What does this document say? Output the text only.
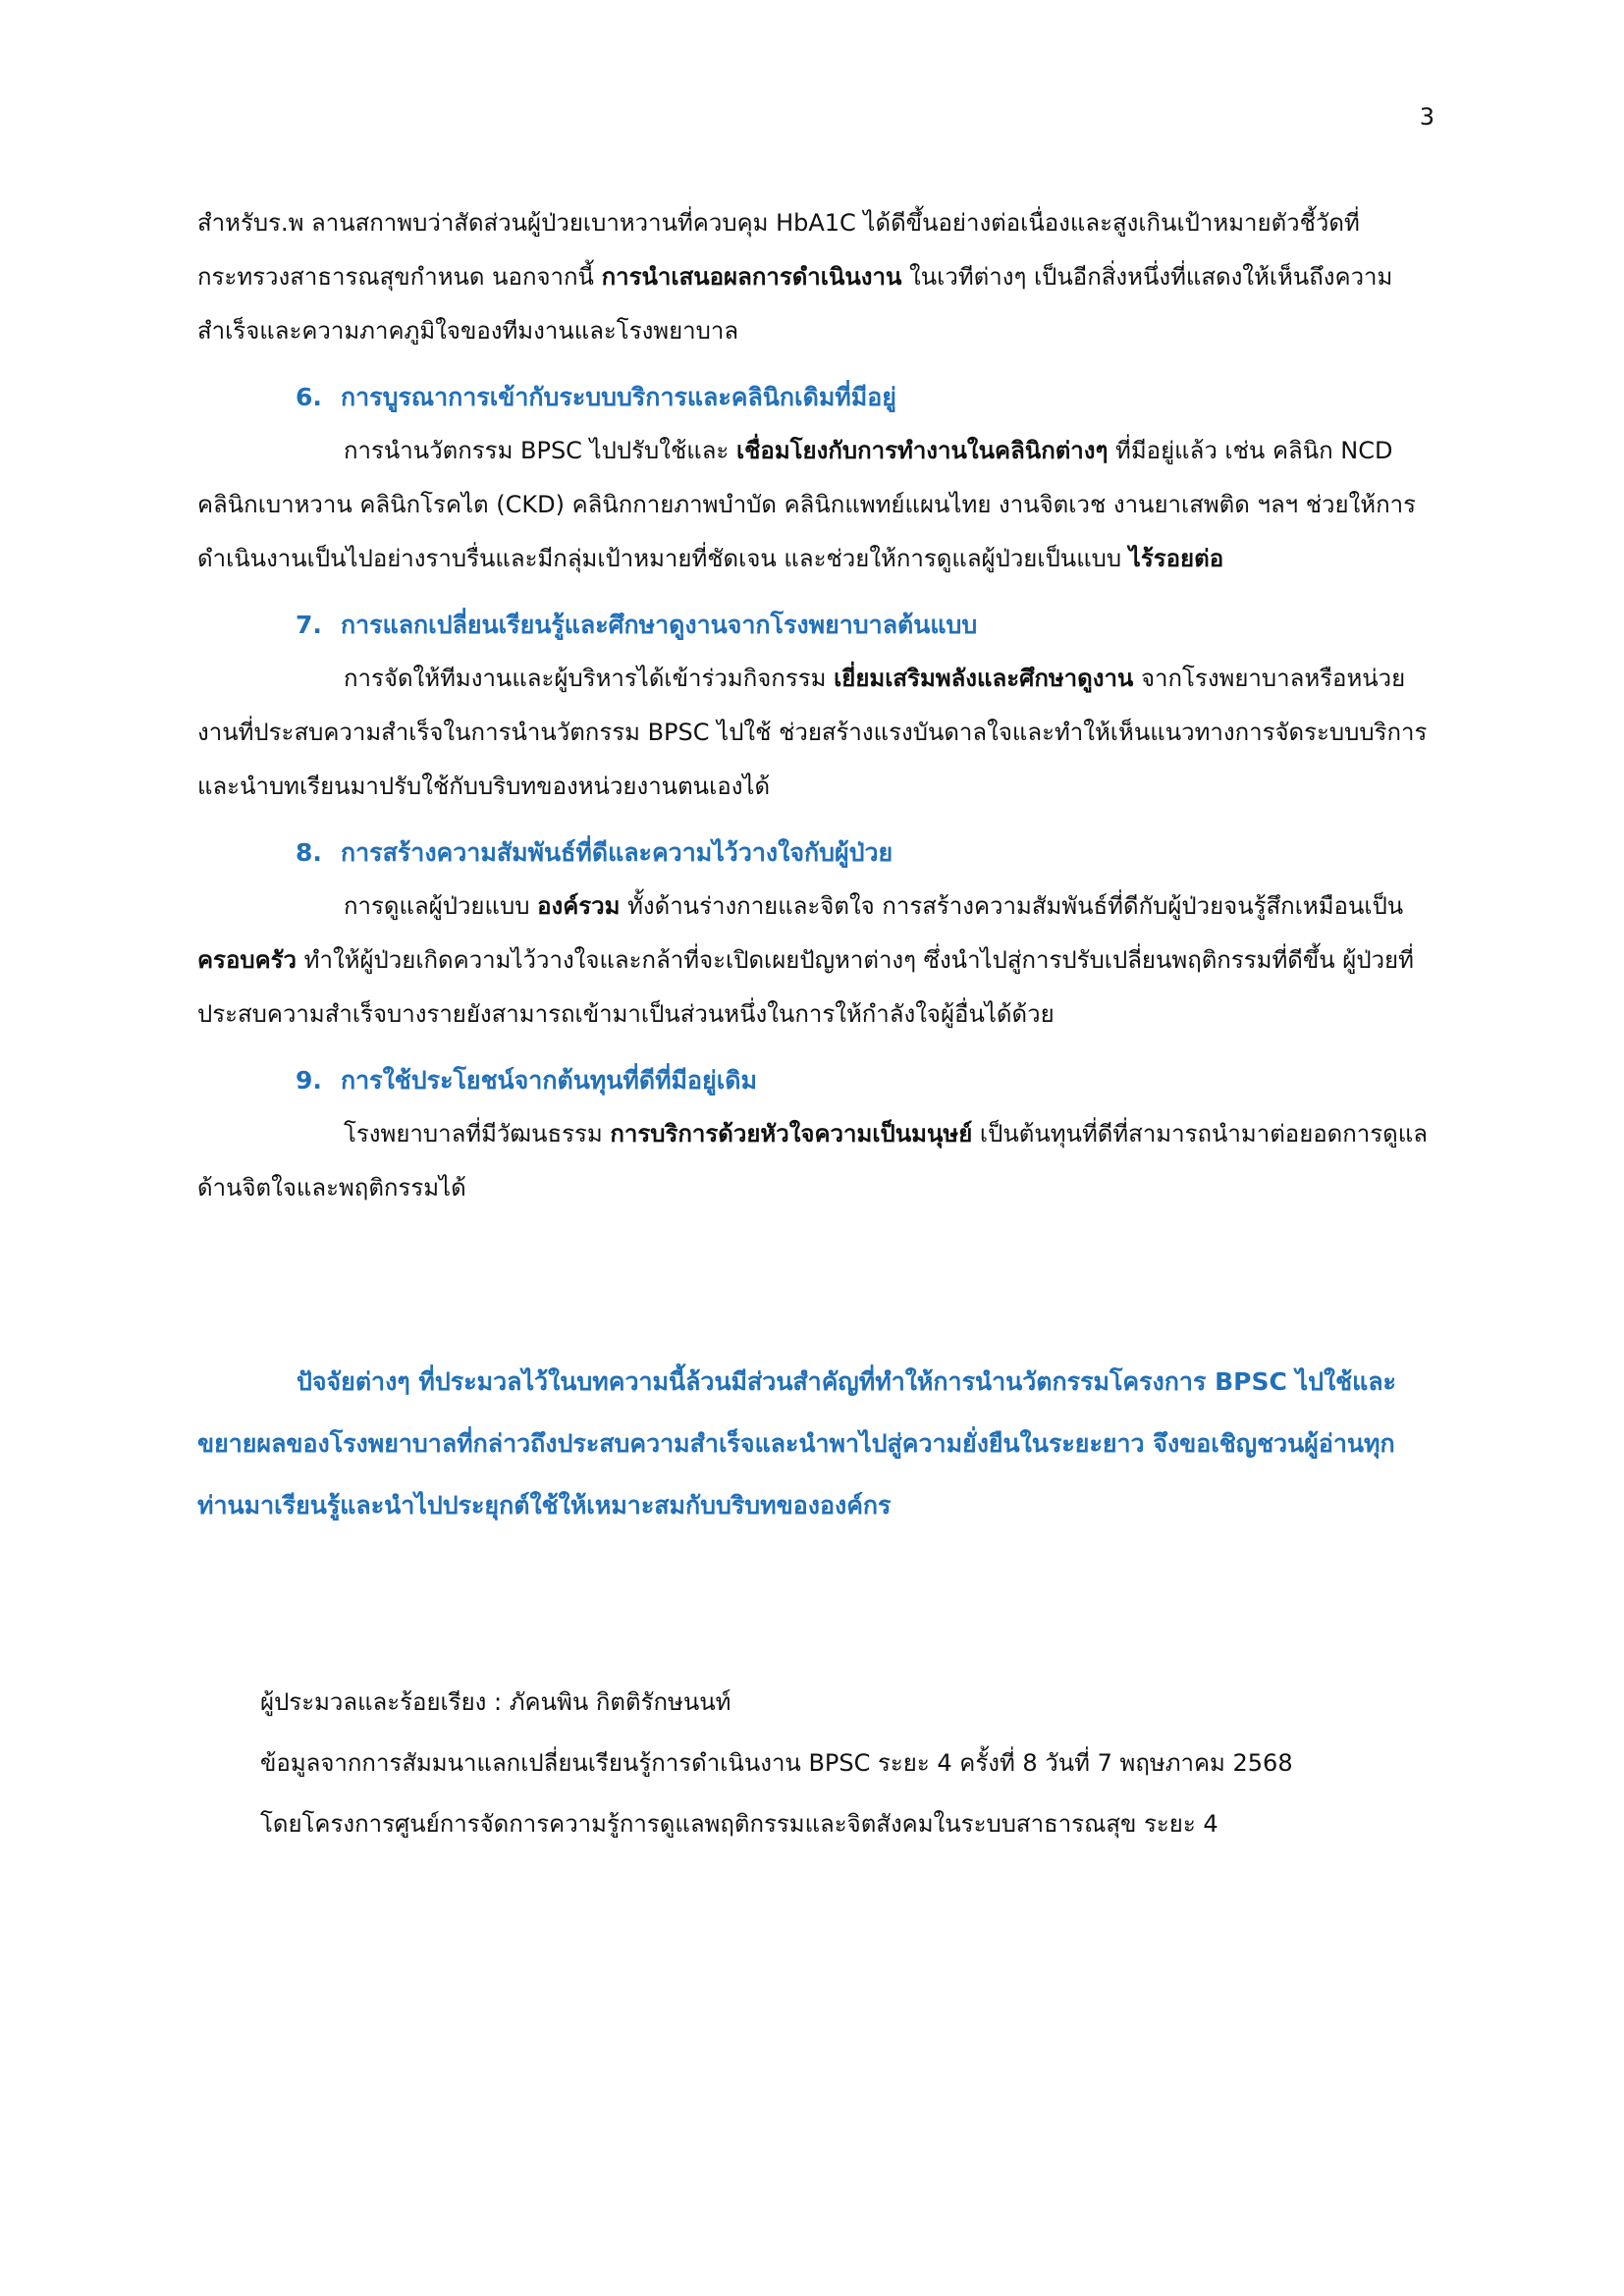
3

สำหรับร.พ ลานสกาพบว่าสัดส่วนผู้ป่วยเบาหวานที่ควบคุม HbA1C ได้ดีขึ้นอย่างต่อเนื่องและสูงเกินเป้าหมายตัวชี้วัดที่กระทรวงสาธารณสุขกำหนด นอกจากนี้ การนำเสนอผลการดำเนินงาน ในเวทีต่างๆ เป็นอีกสิ่งหนึ่งที่แสดงให้เห็นถึงความสำเร็จและความภาคภูมิใจของทีมงานและโรงพยาบาล

6. การบูรณาการเข้ากับระบบบริการและคลินิกเดิมที่มีอยู่

การนำนวัตกรรม BPSC ไปปรับใช้และ เชื่อมโยงกับการทำงานในคลินิกต่างๆ ที่มีอยู่แล้ว เช่น คลินิก NCD คลินิกเบาหวาน คลินิกโรคไต (CKD) คลินิกกายภาพบำบัด คลินิกแพทย์แผนไทย งานจิตเวช งานยาเสพติด ฯลฯ ช่วยให้การดำเนินงานเป็นไปอย่างราบรื่นและมีกลุ่มเป้าหมายที่ชัดเจน และช่วยให้การดูแลผู้ป่วยเป็นแบบ ไร้รอยต่อ

7. การแลกเปลี่ยนเรียนรู้และศึกษาดูงานจากโรงพยาบาลต้นแบบ

การจัดให้ทีมงานและผู้บริหารได้เข้าร่วมกิจกรรม เยี่ยมเสริมพลังและศึกษาดูงาน จากโรงพยาบาลหรือหน่วยงานที่ประสบความสำเร็จในการนำนวัตกรรม BPSC ไปใช้ ช่วยสร้างแรงบันดาลใจและทำให้เห็นแนวทางการจัดระบบบริการและนำบทเรียนมาปรับใช้กับบริบทของหน่วยงานตนเองได้

8. การสร้างความสัมพันธ์ที่ดีและความไว้วางใจกับผู้ป่วย

การดูแลผู้ป่วยแบบ องค์รวม ทั้งด้านร่างกายและจิตใจ การสร้างความสัมพันธ์ที่ดีกับผู้ป่วยจนรู้สึกเหมือนเป็น ครอบครัว ทำให้ผู้ป่วยเกิดความไว้วางใจและกล้าที่จะเปิดเผยปัญหาต่างๆ ซึ่งนำไปสู่การปรับเปลี่ยนพฤติกรรมที่ดีขึ้น ผู้ป่วยที่ประสบความสำเร็จบางรายยังสามารถเข้ามาเป็นส่วนหนึ่งในการให้กำลังใจผู้อื่นได้ด้วย

9. การใช้ประโยชน์จากต้นทุนที่ดีที่มีอยู่เดิม

โรงพยาบาลที่มีวัฒนธรรม การบริการด้วยหัวใจความเป็นมนุษย์ เป็นต้นทุนที่ดีที่สามารถนำมาต่อยอดการดูแลด้านจิตใจและพฤติกรรมได้

ปัจจัยต่างๆ ที่ประมวลไว้ในบทความนี้ล้วนมีส่วนสำคัญที่ทำให้การนำนวัตกรรมโครงการ BPSC ไปใช้และขยายผลของโรงพยาบาลที่กล่าวถึงประสบความสำเร็จและนำพาไปสู่ความยั่งยืนในระยะยาว จึงขอเชิญชวนผู้อ่านทุกท่านมาเรียนรู้และนำไปประยุกต์ใช้ให้เหมาะสมกับบริบทขององค์กร

ผู้ประมวลและร้อยเรียง : ภัคนพิน กิตติรักษนนท์

ข้อมูลจากการสัมมนาแลกเปลี่ยนเรียนรู้การดำเนินงาน BPSC ระยะ 4 ครั้งที่ 8 วันที่ 7 พฤษภาคม 2568

โดยโครงการศูนย์การจัดการความรู้การดูแลพฤติกรรมและจิตสังคมในระบบสาธารณสุข ระยะ 4
